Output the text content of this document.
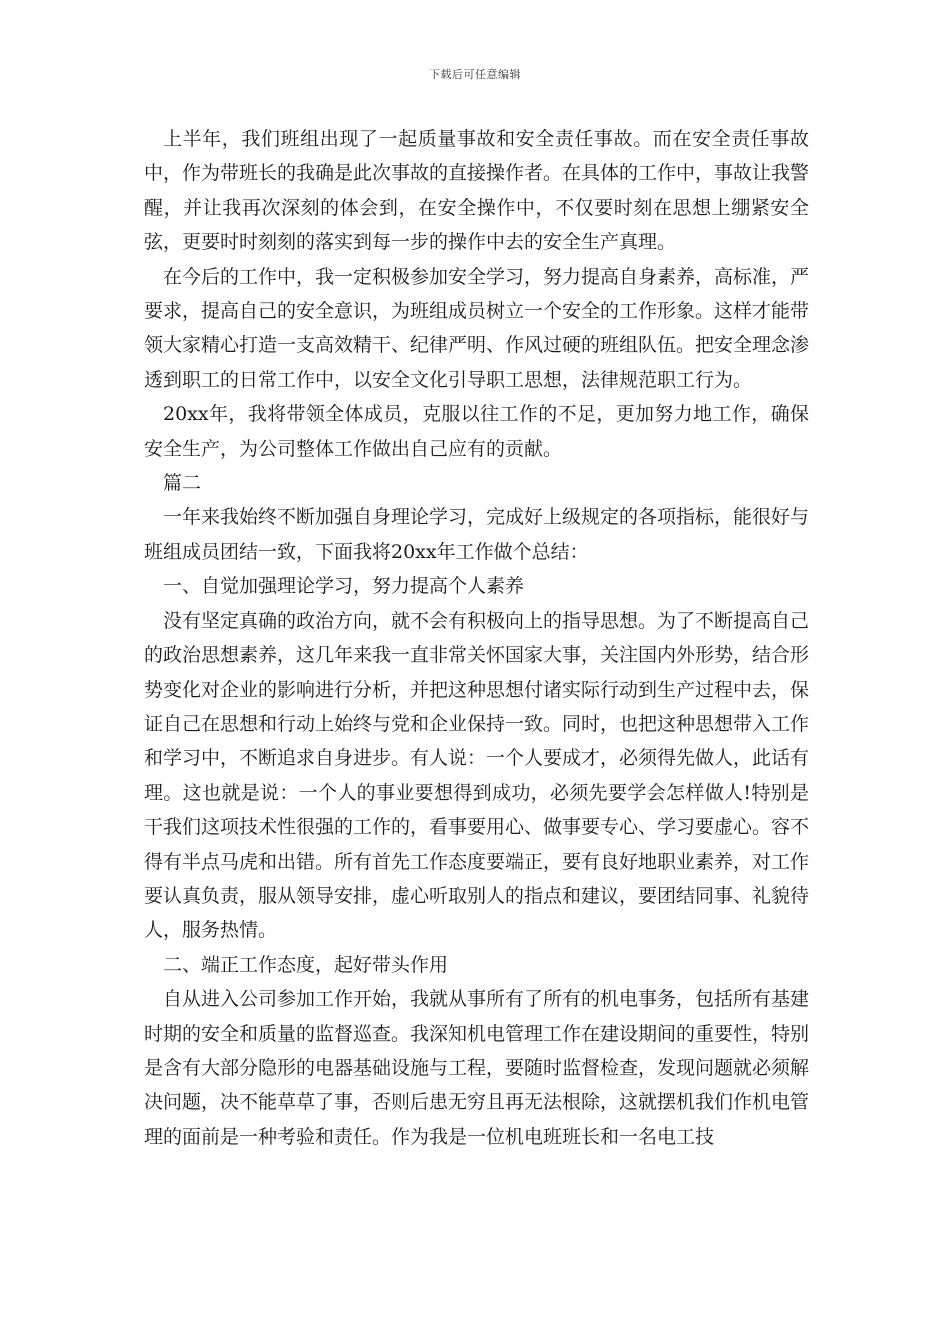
下载后可任意编辑

上半年，我们班组出现了一起质量事故和安全责任事故。而在安全责任事故中，作为带班长的我确是此次事故的直接操作者。在具体的工作中，事故让我警醒，并让我再次深刻的体会到，在安全操作中，不仅要时刻在思想上绷紧安全弦，更要时时刻刻的落实到每一步的操作中去的安全生产真理。

在今后的工作中，我一定积极参加安全学习，努力提高自身素养，高标准，严要求，提高自己的安全意识，为班组成员树立一个安全的工作形象。这样才能带领大家精心打造一支高效精干、纪律严明、作风过硬的班组队伍。把安全理念渗透到职工的日常工作中，以安全文化引导职工思想，法律规范职工行为。

20xx年，我将带领全体成员，克服以往工作的不足，更加努力地工作，确保安全生产，为公司整体工作做出自己应有的贡献。

篇二

一年来我始终不断加强自身理论学习，完成好上级规定的各项指标，能很好与班组成员团结一致，下面我将20xx年工作做个总结：

一、自觉加强理论学习，努力提高个人素养

没有坚定真确的政治方向，就不会有积极向上的指导思想。为了不断提高自己的政治思想素养，这几年来我一直非常关怀国家大事，关注国内外形势，结合形势变化对企业的影响进行分析，并把这种思想付诸实际行动到生产过程中去，保证自己在思想和行动上始终与党和企业保持一致。同时，也把这种思想带入工作和学习中，不断追求自身进步。有人说：一个人要成才，必须得先做人，此话有理。这也就是说：一个人的事业要想得到成功，必须先要学会怎样做人!特别是干我们这项技术性很强的工作的，看事要用心、做事要专心、学习要虚心。容不得有半点马虎和出错。所有首先工作态度要端正，要有良好地职业素养，对工作要认真负责，服从领导安排，虚心听取别人的指点和建议，要团结同事、礼貌待人，服务热情。

二、端正工作态度，起好带头作用

自从进入公司参加工作开始，我就从事所有了所有的机电事务，包括所有基建时期的安全和质量的监督巡查。我深知机电管理工作在建设期间的重要性，特别是含有大部分隐形的电器基础设施与工程，要随时监督检查，发现问题就必须解决问题，决不能草草了事，否则后患无穷且再无法根除，这就摆机我们作机电管理的面前是一种考验和责任。作为我是一位机电班班长和一名电工技
